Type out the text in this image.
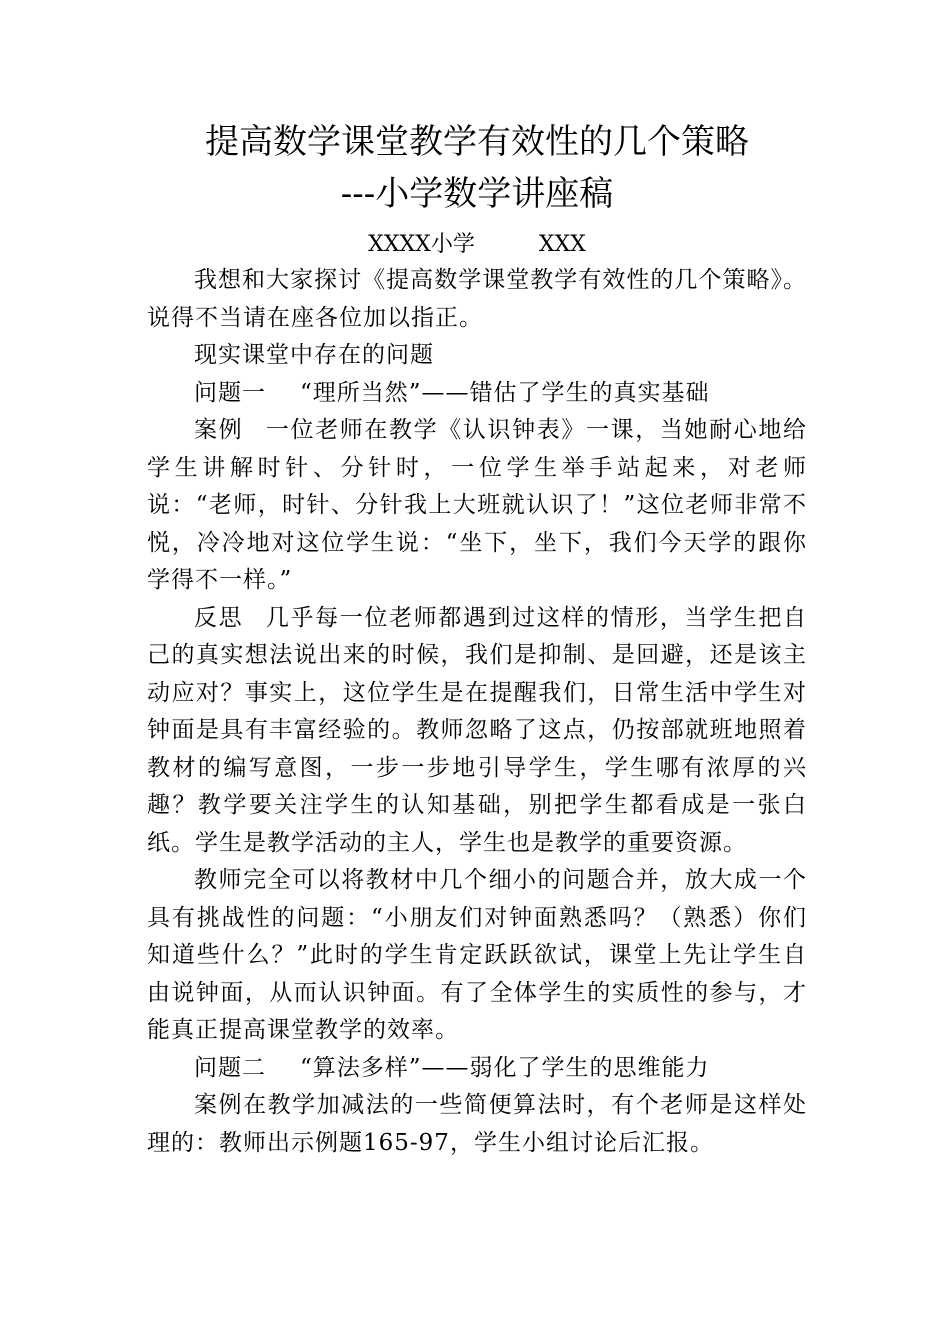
提高数学课堂教学有效性的几个策略
---小学数学讲座稿
XXXX小学	XXX

我想和大家探讨《提高数学课堂教学有效性的几个策略》。说得不当请在座各位加以指正。

现实课堂中存在的问题

问题一 “理所当然”——错估了学生的真实基础

案例 一位老师在教学《认识钟表》一课，当她耐心地给学生讲解时针、分针时，一位学生举手站起来，对老师说：“老师，时针、分针我上大班就认识了！”这位老师非常不悦，冷冷地对这位学生说：“坐下，坐下，我们今天学的跟你学得不一样。”

反思 几乎每一位老师都遇到过这样的情形，当学生把自己的真实想法说出来的时候，我们是抑制、是回避，还是该主动应对？事实上，这位学生是在提醒我们，日常生活中学生对钟面是具有丰富经验的。教师忽略了这点，仍按部就班地照着教材的编写意图，一步一步地引导学生，学生哪有浓厚的兴趣？教学要关注学生的认知基础，别把学生都看成是一张白纸。学生是教学活动的主人，学生也是教学的重要资源。

教师完全可以将教材中几个细小的问题合并，放大成一个具有挑战性的问题：“小朋友们对钟面熟悉吗？（熟悉）你们知道些什么？”此时的学生肯定跃跃欲试，课堂上先让学生自由说钟面，从而认识钟面。有了全体学生的实质性的参与，才能真正提高课堂教学的效率。

问题二 “算法多样”——弱化了学生的思维能力

案例在教学加减法的一些简便算法时，有个老师是这样处理的：教师出示例题165-97，学生小组讨论后汇报。
